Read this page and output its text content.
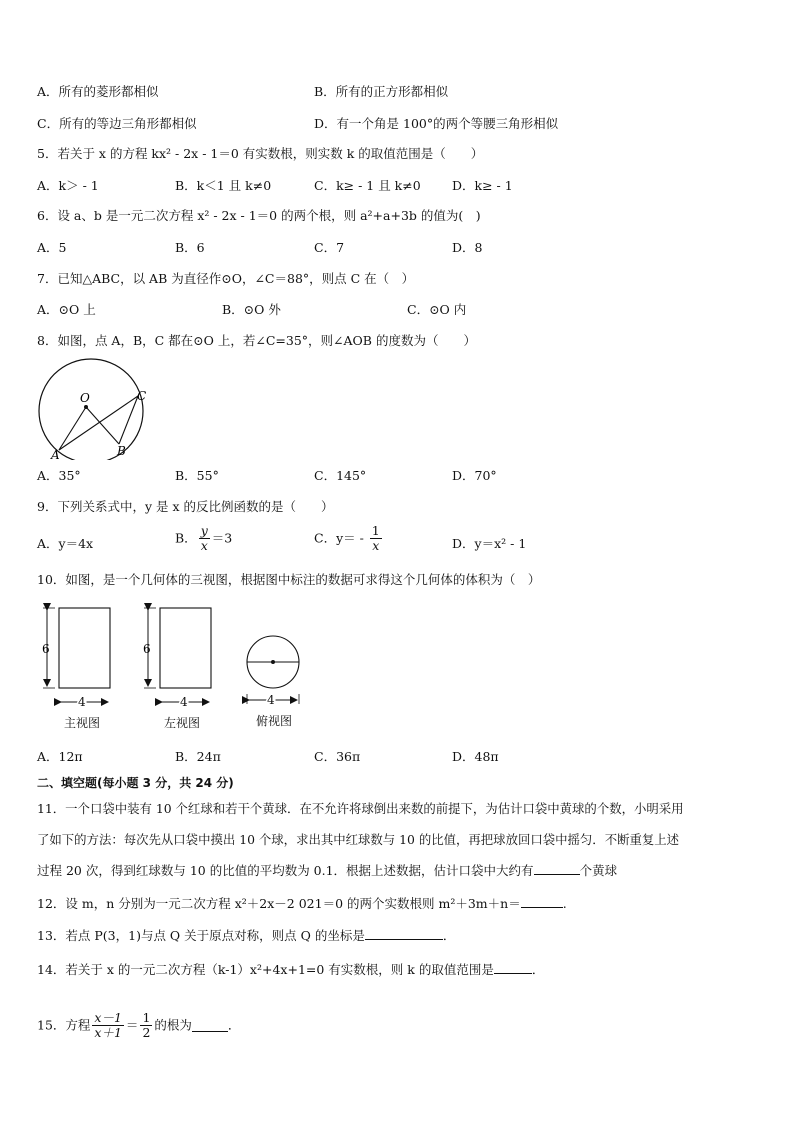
A．所有的菱形都相似	B．所有的正方形都相似
C．所有的等边三角形都相似	D．有一个角是 100°的两个等腰三角形相似
5．若关于 x 的方程 kx² - 2x - 1＝0 有实数根，则实数 k 的取值范围是（　　）
A．k＞ - 1	B．k＜1 且 k≠0	C．k≥ - 1 且 k≠0	D．k≥ - 1
6．设 a、b 是一元二次方程 x² - 2x - 1＝0 的两个根，则 a²+a+3b 的值为(　)
A．5	B．6	C．7	D．8
7．已知△ABC，以 AB 为直径作⊙O，∠C＝88°，则点 C 在（　）
A．⊙O 上	B．⊙O 外	C．⊙O 内
8．如图，点 A，B，C 都在⊙O 上，若∠C=35°，则∠AOB 的度数为（　　）
O
A	B
C
A．35°	B．55°	C．145°	D．70°
9．下列关系式中，y 是 x 的反比例函数的是（　　）
A．y＝4x	B． $\frac{y}{x} =3$	C．$y= - \frac{1}{x}$	D．y＝x² - 1
10．如图，是一个几何体的三视图，根据图中标注的数据可求得这个几何体的体积为（　）
6
4
6
4	4
主视图	左视图	俯视图
A．12π	B．24π	C．36π	D．48π
二、填空题(每小题 3 分，共 24 分)
11．一个口袋中装有 10 个红球和若干个黄球．在不允许将球倒出来数的前提下，为估计口袋中黄球的个数，小明采用
了如下的方法：每次先从口袋中摸出 10 个球，求出其中红球数与 10 的比值，再把球放回口袋中摇匀．不断重复上述
过程 20 次，得到红球数与 10 的比值的平均数为 0.1．根据上述数据，估计口袋中大约有	个黄球
12．设 m，n 分别为一元二次方程 x²＋2x－2 021＝0 的两个实数根则 m²＋3m＋n＝	.
13．若点 P(3，1)与点 Q 关于原点对称，则点 Q 的坐标是	．
14．若关于 x 的一元二次方程（k-1）x²+4x+1=0 有实数根，则 k 的取值范围是	．
15．方程 $\frac{x-1}{x+1} = \frac{1}{2}$ 的根为	．
